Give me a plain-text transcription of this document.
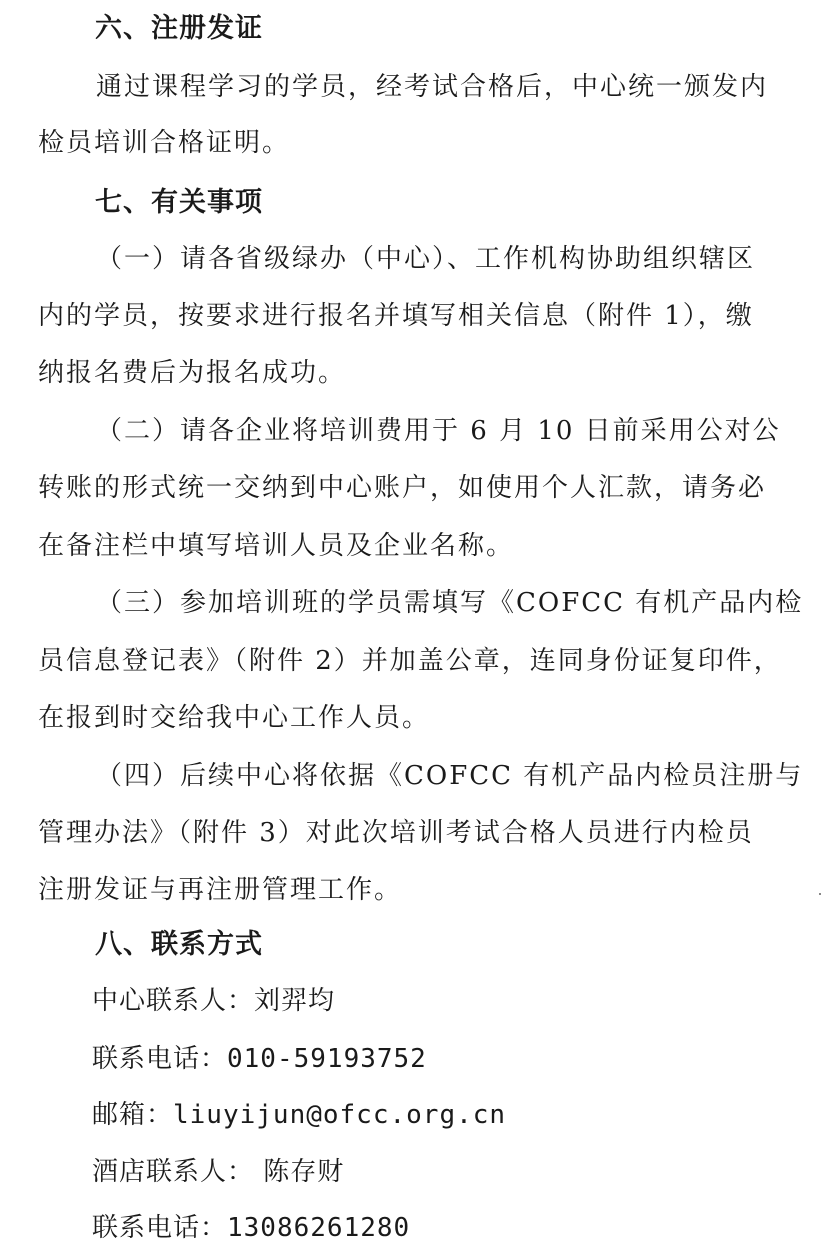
六、注册发证
通过课程学习的学员，经考试合格后，中心统一颁发内
检员培训合格证明。
七、有关事项
（一）请各省级绿办（中心）、工作机构协助组织辖区
内的学员，按要求进行报名并填写相关信息（附件 1），缴
纳报名费后为报名成功。
（二）请各企业将培训费用于 6 月 10 日前采用公对公
转账的形式统一交纳到中心账户，如使用个人汇款，请务必
在备注栏中填写培训人员及企业名称。
（三）参加培训班的学员需填写《COFCC 有机产品内检
员信息登记表》（附件 2）并加盖公章，连同身份证复印件，
在报到时交给我中心工作人员。
（四）后续中心将依据《COFCC 有机产品内检员注册与
管理办法》（附件 3）对此次培训考试合格人员进行内检员
注册发证与再注册管理工作。
八、联系方式
中心联系人：刘羿均
联系电话：010-59193752
邮箱：liuyijun@ofcc.org.cn
酒店联系人： 陈存财
联系电话：13086261280
